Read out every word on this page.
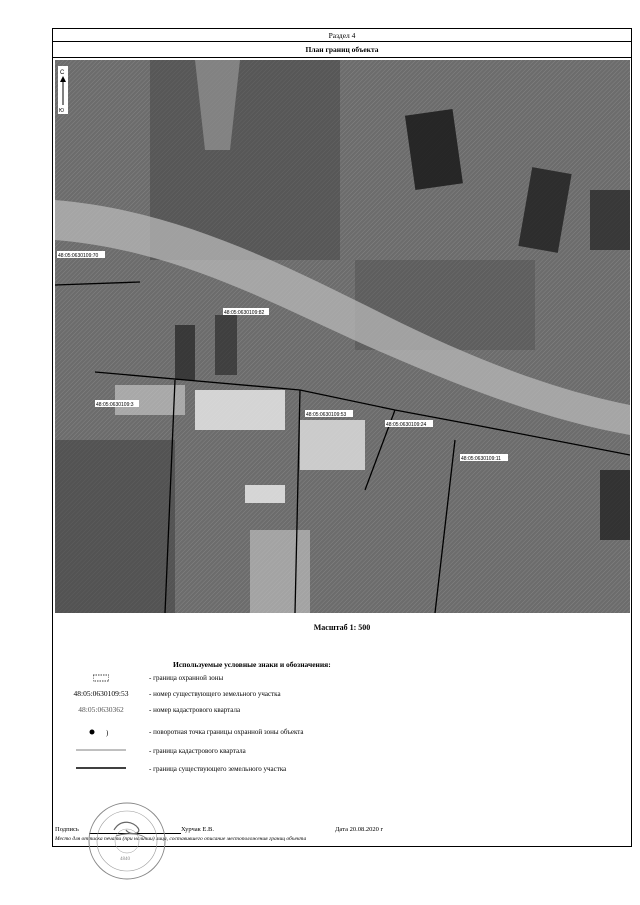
Раздел 4
План границ объекта
48:05:0630109:70
48:05:0630109:82
48:05:0630109:3
48:05:0630109:53
48:05:0630109:24
48:05:0630109:11
С
Ю
Масштаб 1: 500
Используемые условные знаки и обозначения:
- граница охранной зоны
48:05:0630109:53	- номер существующего земельного участка
48:05:0630362	- номер кадастрового квартала
)	- поворотная точка границы охранной зоны объекта
- граница кадастрового квартала
- граница существующего земельного участка
Подпись	Хурчак Е.В.	Дата 20.08.2020 г
Место для оттиска печати (при наличии) лица, составившего описание местоположения границ объекта
4840
